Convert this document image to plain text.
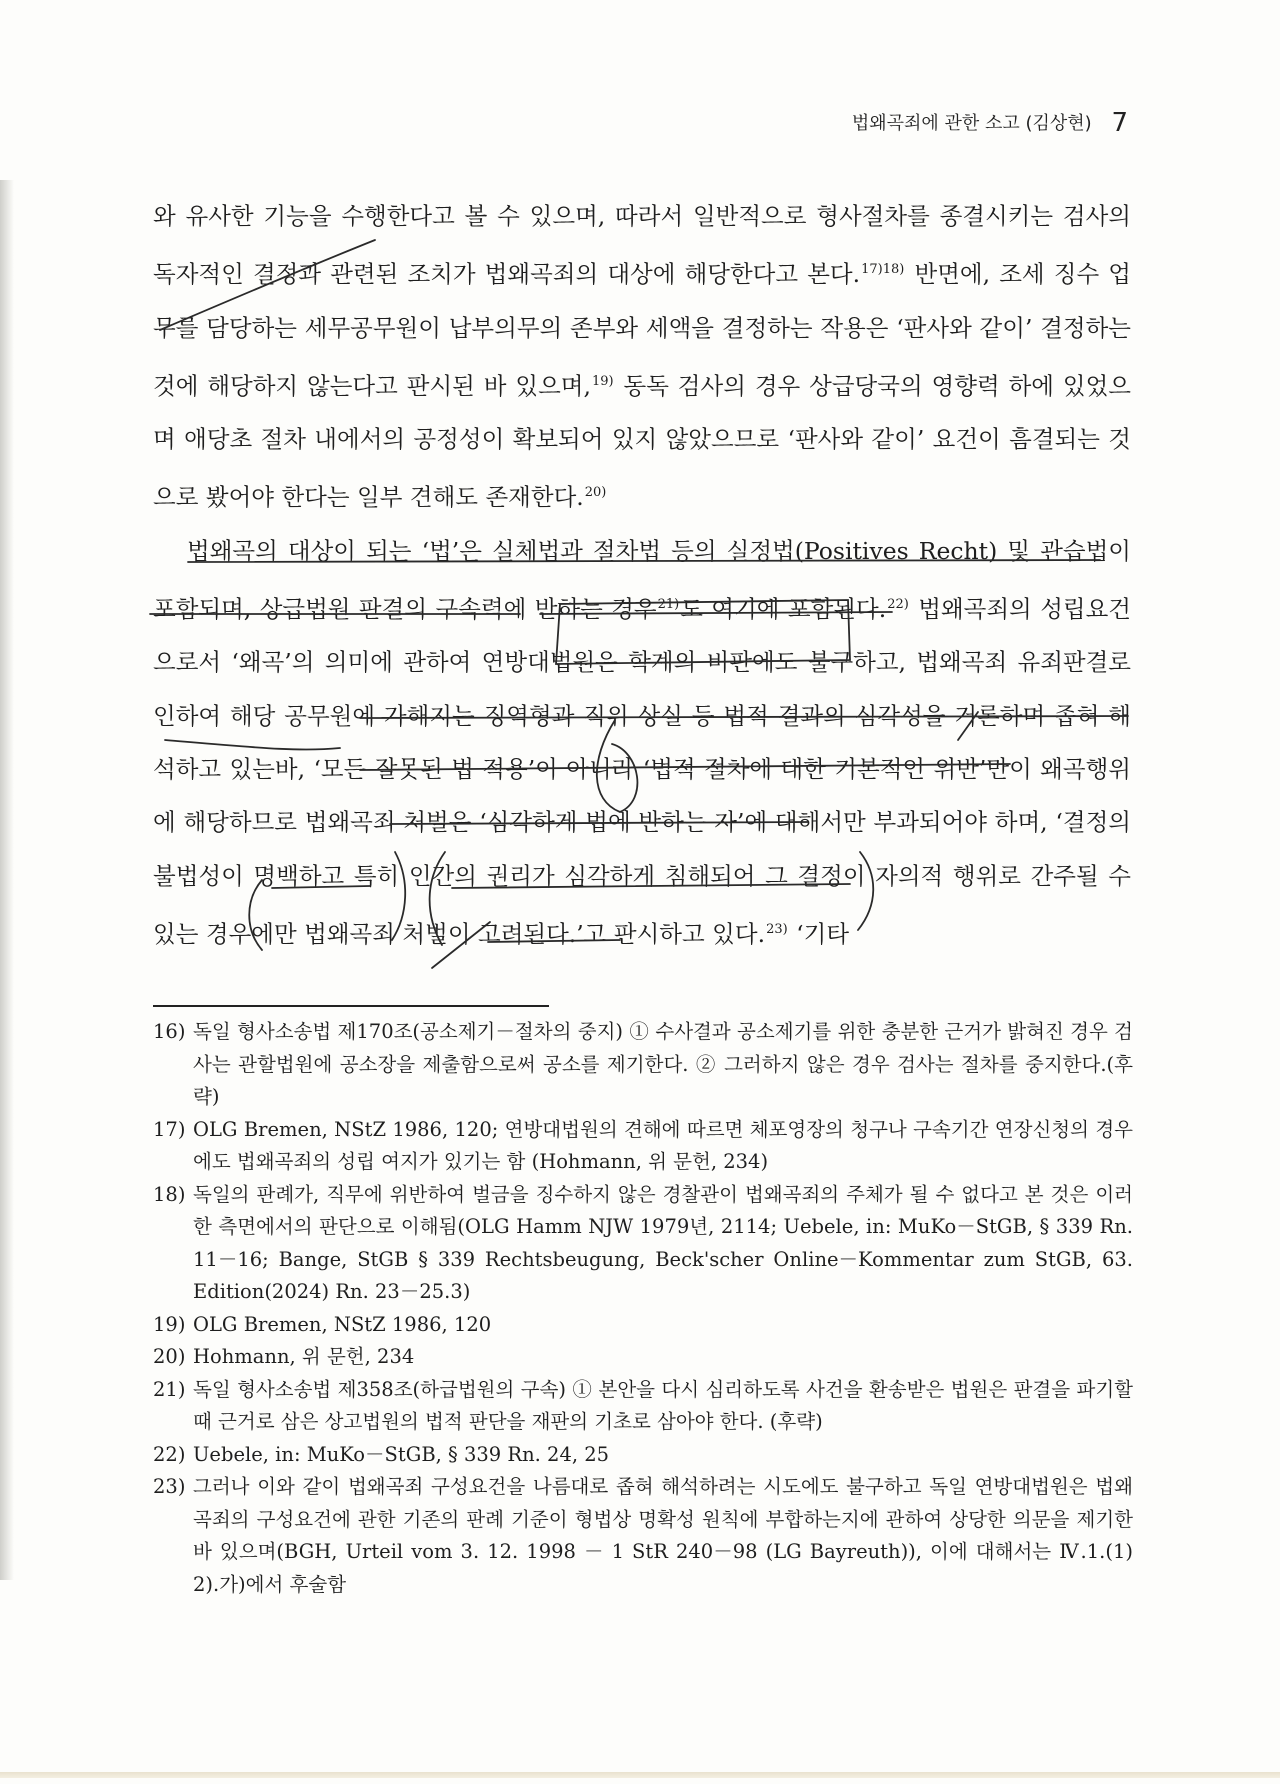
법왜곡죄에 관한 소고 (김상현) 7

와 유사한 기능을 수행한다고 볼 수 있으며, 따라서 일반적으로 형사절차를 종결시키는 검사의 독자적인 결정과 관련된 조치가 법왜곡죄의 대상에 해당한다고 본다.$^{17)18)}$ 반면에, 조세 징수 업무를 담당하는 세무공무원이 납부의무의 존부와 세액을 결정하는 작용은 ‘판사와 같이’ 결정하는 것에 해당하지 않는다고 판시된 바 있으며,$^{19)}$ 동독 검사의 경우 상급당국의 영향력 하에 있었으며 애당초 절차 내에서의 공정성이 확보되어 있지 않았으므로 ‘판사와 같이’ 요건이 흠결되는 것으로 봤어야 한다는 일부 견해도 존재한다.$^{20)}$

법왜곡의 대상이 되는 ‘법’은 실체법과 절차법 등의 실정법(Positives Recht) 및 관습법이 포함되며, 상급법원 판결의 구속력에 반하는 경우$^{21)}$도 여기에 포함된다.$^{22)}$ 법왜곡죄의 성립요건으로서 ‘왜곡’의 의미에 관하여 연방대법원은 학계의 비판에도 불구하고, 법왜곡죄 유죄판결로 인하여 해당 공무원에 가해지는 징역형과 직위 상실 등 법적 결과의 심각성을 거론하며 좁혀 해석하고 있는바, ‘모든 잘못된 법 적용’이 아니라 ‘법적 절차에 대한 기본적인 위반’만이 왜곡행위에 해당하므로 법왜곡죄 처벌은 ‘심각하게 법에 반하는 자’에 대해서만 부과되어야 하며, ‘결정의 불법성이 명백하고 특히 인간의 권리가 심각하게 침해되어 그 결정이 자의적 행위로 간주될 수 있는 경우에만 법왜곡죄 처벌이 고려된다.’고 판시하고 있다.$^{23)}$ ‘기타

16) 독일 형사소송법 제170조(공소제기－절차의 중지) ① 수사결과 공소제기를 위한 충분한 근거가 밝혀진 경우 검사는 관할법원에 공소장을 제출함으로써 공소를 제기한다. ② 그러하지 않은 경우 검사는 절차를 중지한다.(후략)
17) OLG Bremen, NStZ 1986, 120; 연방대법원의 견해에 따르면 체포영장의 청구나 구속기간 연장신청의 경우에도 법왜곡죄의 성립 여지가 있기는 함 (Hohmann, 위 문헌, 234)
18) 독일의 판례가, 직무에 위반하여 벌금을 징수하지 않은 경찰관이 법왜곡죄의 주체가 될 수 없다고 본 것은 이러한 측면에서의 판단으로 이해됨(OLG Hamm NJW 1979년, 2114; Uebele, in: MuKo－StGB, § 339 Rn. 11－16; Bange, StGB § 339 Rechtsbeugung, Beck'scher Online－Kommentar zum StGB, 63. Edition(2024) Rn. 23－25.3)
19) OLG Bremen, NStZ 1986, 120
20) Hohmann, 위 문헌, 234
21) 독일 형사소송법 제358조(하급법원의 구속) ① 본안을 다시 심리하도록 사건을 환송받은 법원은 판결을 파기할 때 근거로 삼은 상고법원의 법적 판단을 재판의 기초로 삼아야 한다. (후략)
22) Uebele, in: MuKo－StGB, § 339 Rn. 24, 25
23) 그러나 이와 같이 법왜곡죄 구성요건을 나름대로 좁혀 해석하려는 시도에도 불구하고 독일 연방대법원은 법왜곡죄의 구성요건에 관한 기존의 판례 기준이 형법상 명확성 원칙에 부합하는지에 관하여 상당한 의문을 제기한 바 있으며(BGH, Urteil vom 3. 12. 1998 － 1 StR 240－98 (LG Bayreuth)), 이에 대해서는 Ⅳ.1.(1) 2).가)에서 후술함
